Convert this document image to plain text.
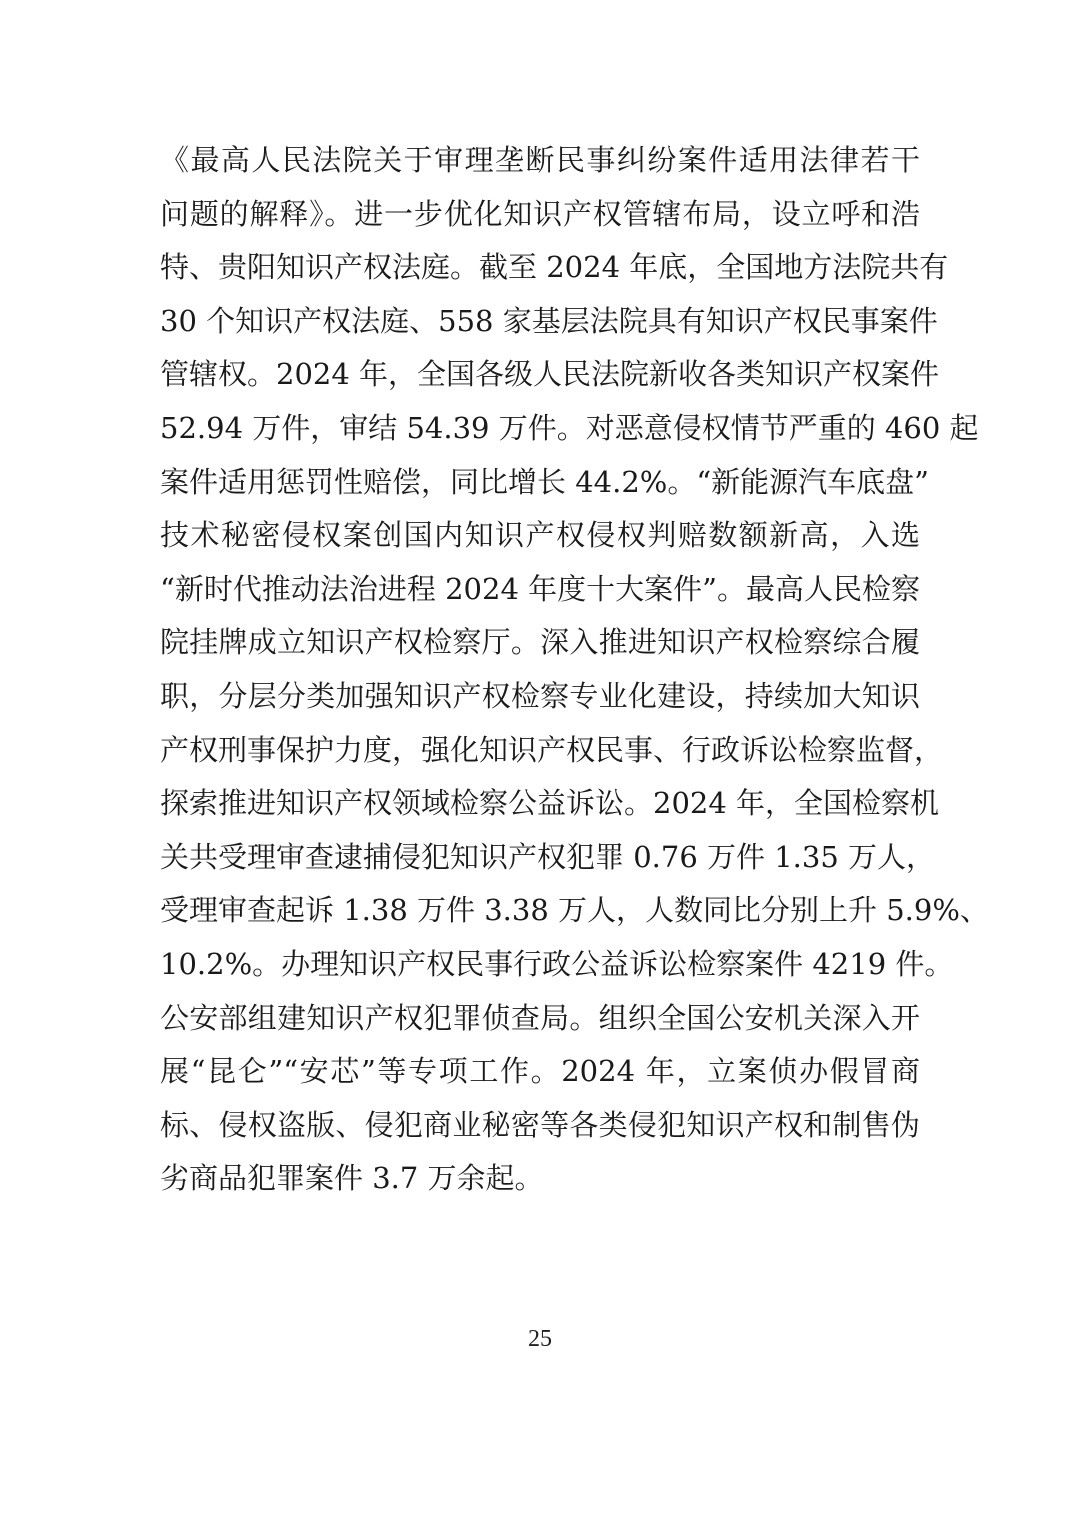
《最高人民法院关于审理垄断民事纠纷案件适用法律若干
问题的解释》。进一步优化知识产权管辖布局，设立呼和浩
特、贵阳知识产权法庭。截至 2024 年底，全国地方法院共有
30 个知识产权法庭、558 家基层法院具有知识产权民事案件
管辖权。2024 年，全国各级人民法院新收各类知识产权案件
52.94 万件，审结 54.39 万件。对恶意侵权情节严重的 460 起
案件适用惩罚性赔偿，同比增长 44.2%。“新能源汽车底盘”
技术秘密侵权案创国内知识产权侵权判赔数额新高，入选
“新时代推动法治进程 2024 年度十大案件”。最高人民检察
院挂牌成立知识产权检察厅。深入推进知识产权检察综合履
职，分层分类加强知识产权检察专业化建设，持续加大知识
产权刑事保护力度，强化知识产权民事、行政诉讼检察监督，
探索推进知识产权领域检察公益诉讼。2024 年，全国检察机
关共受理审查逮捕侵犯知识产权犯罪 0.76 万件 1.35 万人，
受理审查起诉 1.38 万件 3.38 万人，人数同比分别上升 5.9%、
10.2%。办理知识产权民事行政公益诉讼检察案件 4219 件。
公安部组建知识产权犯罪侦查局。组织全国公安机关深入开
展“昆仑”“安芯”等专项工作。2024 年，立案侦办假冒商
标、侵权盗版、侵犯商业秘密等各类侵犯知识产权和制售伪
劣商品犯罪案件 3.7 万余起。
25
